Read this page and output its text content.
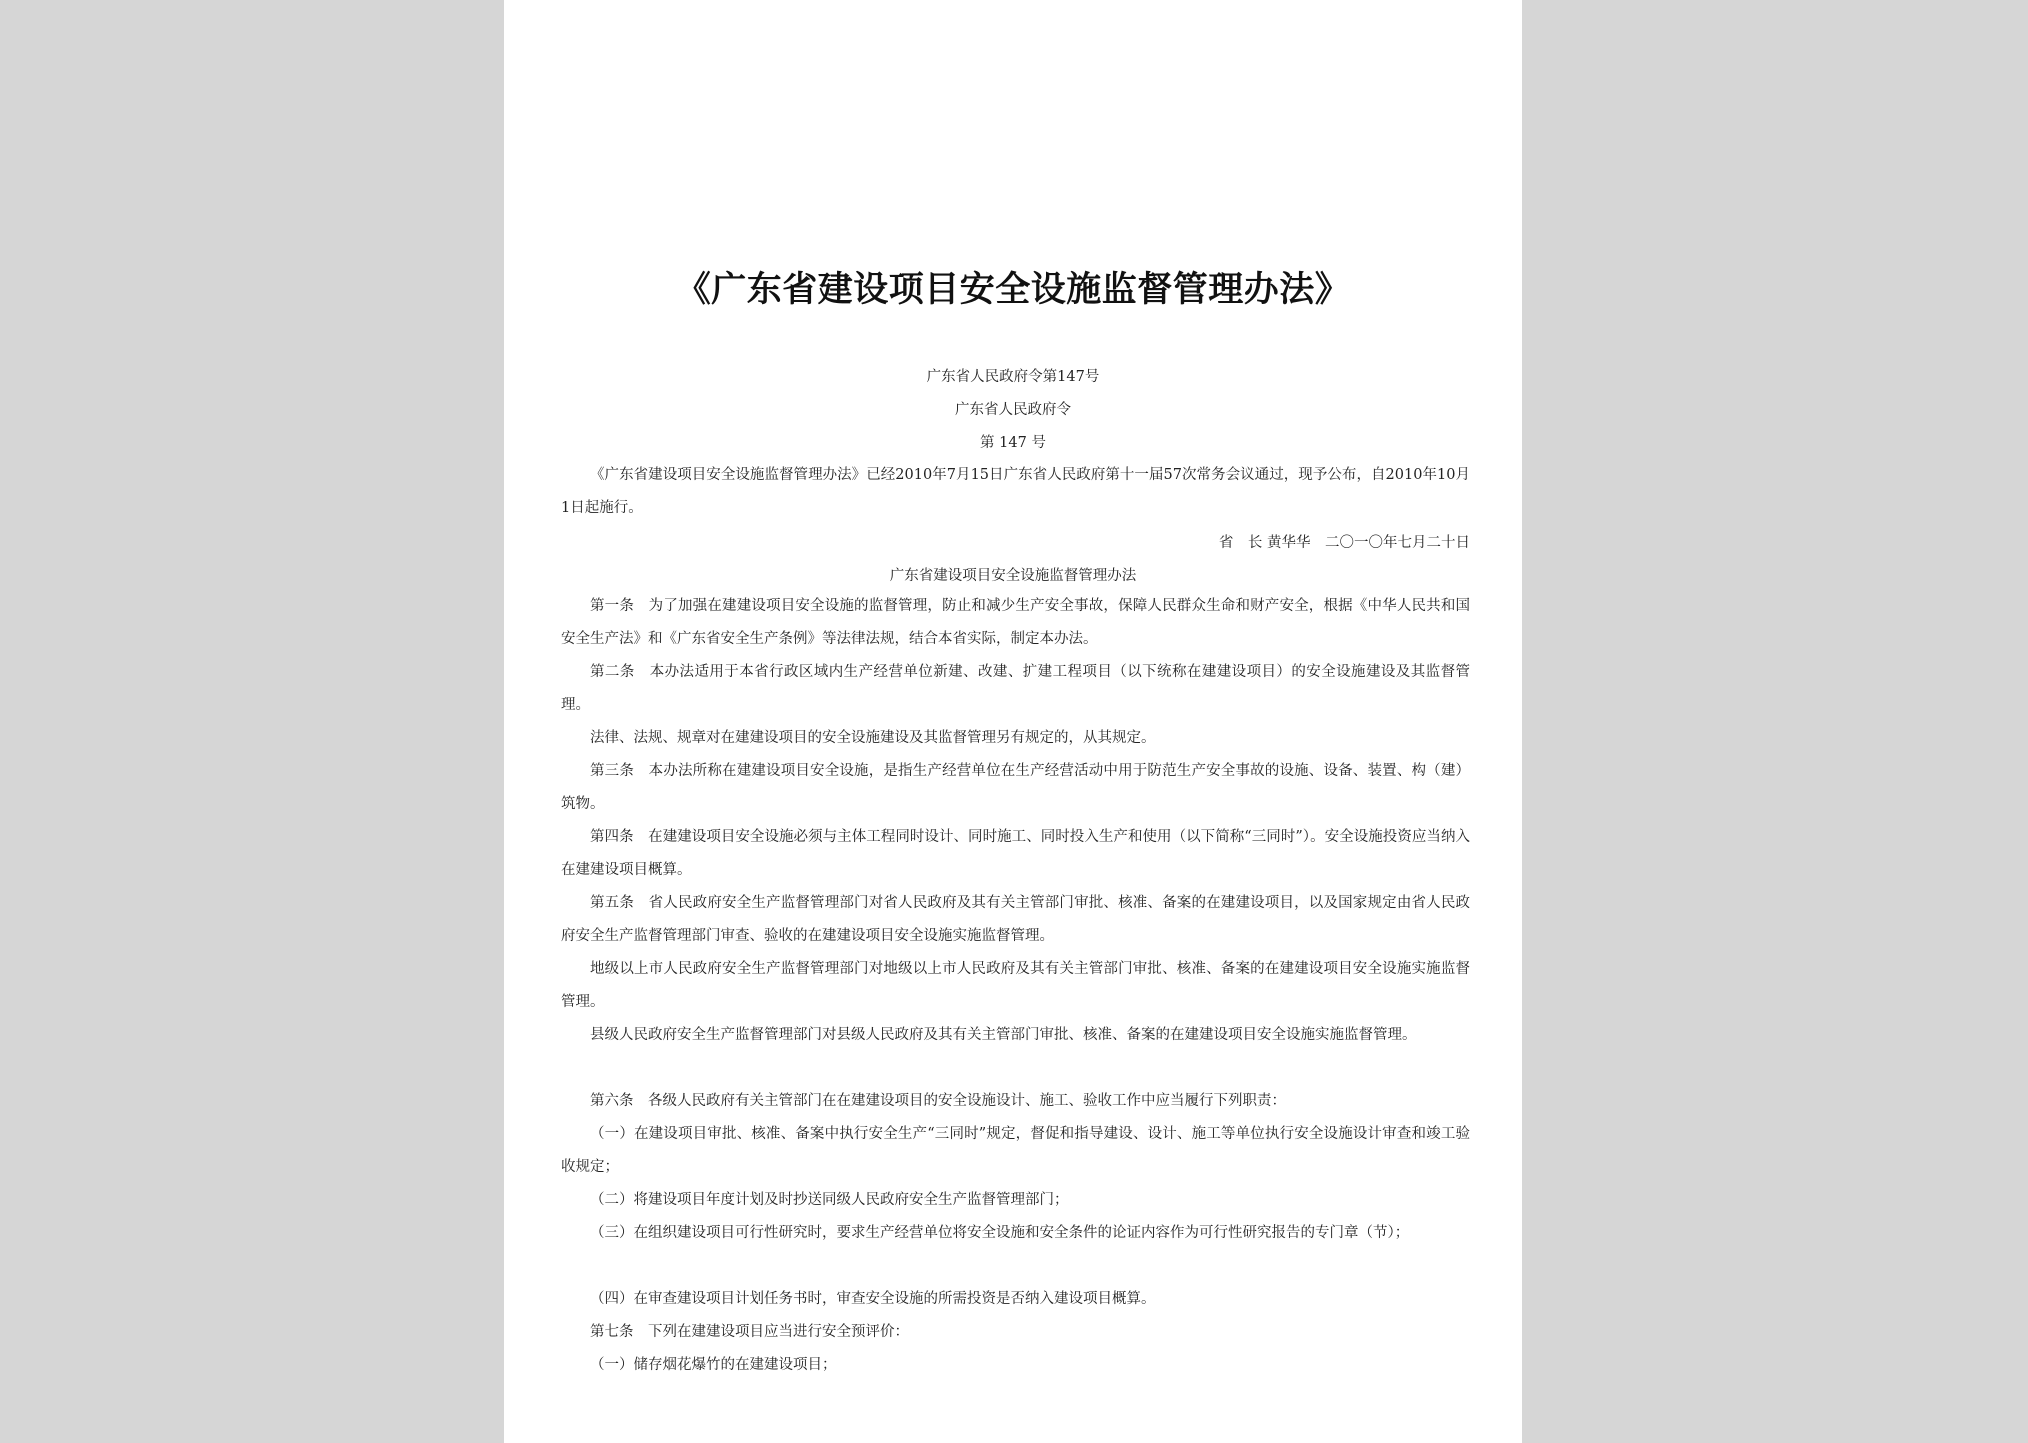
《广东省建设项目安全设施监督管理办法》
广东省人民政府令第147号
广东省人民政府令
第 147 号
《广东省建设项目安全设施监督管理办法》已经2010年7月15日广东省人民政府第十一届57次常务会议通过，现予公布，自2010年10月1日起施行。
省　长 黄华华　二〇一〇年七月二十日
广东省建设项目安全设施监督管理办法
第一条　为了加强在建建设项目安全设施的监督管理，防止和减少生产安全事故，保障人民群众生命和财产安全，根据《中华人民共和国安全生产法》和《广东省安全生产条例》等法律法规，结合本省实际，制定本办法。
第二条　本办法适用于本省行政区域内生产经营单位新建、改建、扩建工程项目（以下统称在建建设项目）的安全设施建设及其监督管理。
法律、法规、规章对在建建设项目的安全设施建设及其监督管理另有规定的，从其规定。
第三条　本办法所称在建建设项目安全设施，是指生产经营单位在生产经营活动中用于防范生产安全事故的设施、设备、装置、构（建）筑物。
第四条　在建建设项目安全设施必须与主体工程同时设计、同时施工、同时投入生产和使用（以下简称“三同时”）。安全设施投资应当纳入在建建设项目概算。
第五条　省人民政府安全生产监督管理部门对省人民政府及其有关主管部门审批、核准、备案的在建建设项目，以及国家规定由省人民政府安全生产监督管理部门审查、验收的在建建设项目安全设施实施监督管理。
地级以上市人民政府安全生产监督管理部门对地级以上市人民政府及其有关主管部门审批、核准、备案的在建建设项目安全设施实施监督管理。
县级人民政府安全生产监督管理部门对县级人民政府及其有关主管部门审批、核准、备案的在建建设项目安全设施实施监督管理。
第六条　各级人民政府有关主管部门在在建建设项目的安全设施设计、施工、验收工作中应当履行下列职责：
（一）在建设项目审批、核准、备案中执行安全生产“三同时”规定，督促和指导建设、设计、施工等单位执行安全设施设计审查和竣工验收规定；
（二）将建设项目年度计划及时抄送同级人民政府安全生产监督管理部门；
（三）在组织建设项目可行性研究时，要求生产经营单位将安全设施和安全条件的论证内容作为可行性研究报告的专门章（节）；
（四）在审查建设项目计划任务书时，审查安全设施的所需投资是否纳入建设项目概算。
第七条　下列在建建设项目应当进行安全预评价：
（一）储存烟花爆竹的在建建设项目；
